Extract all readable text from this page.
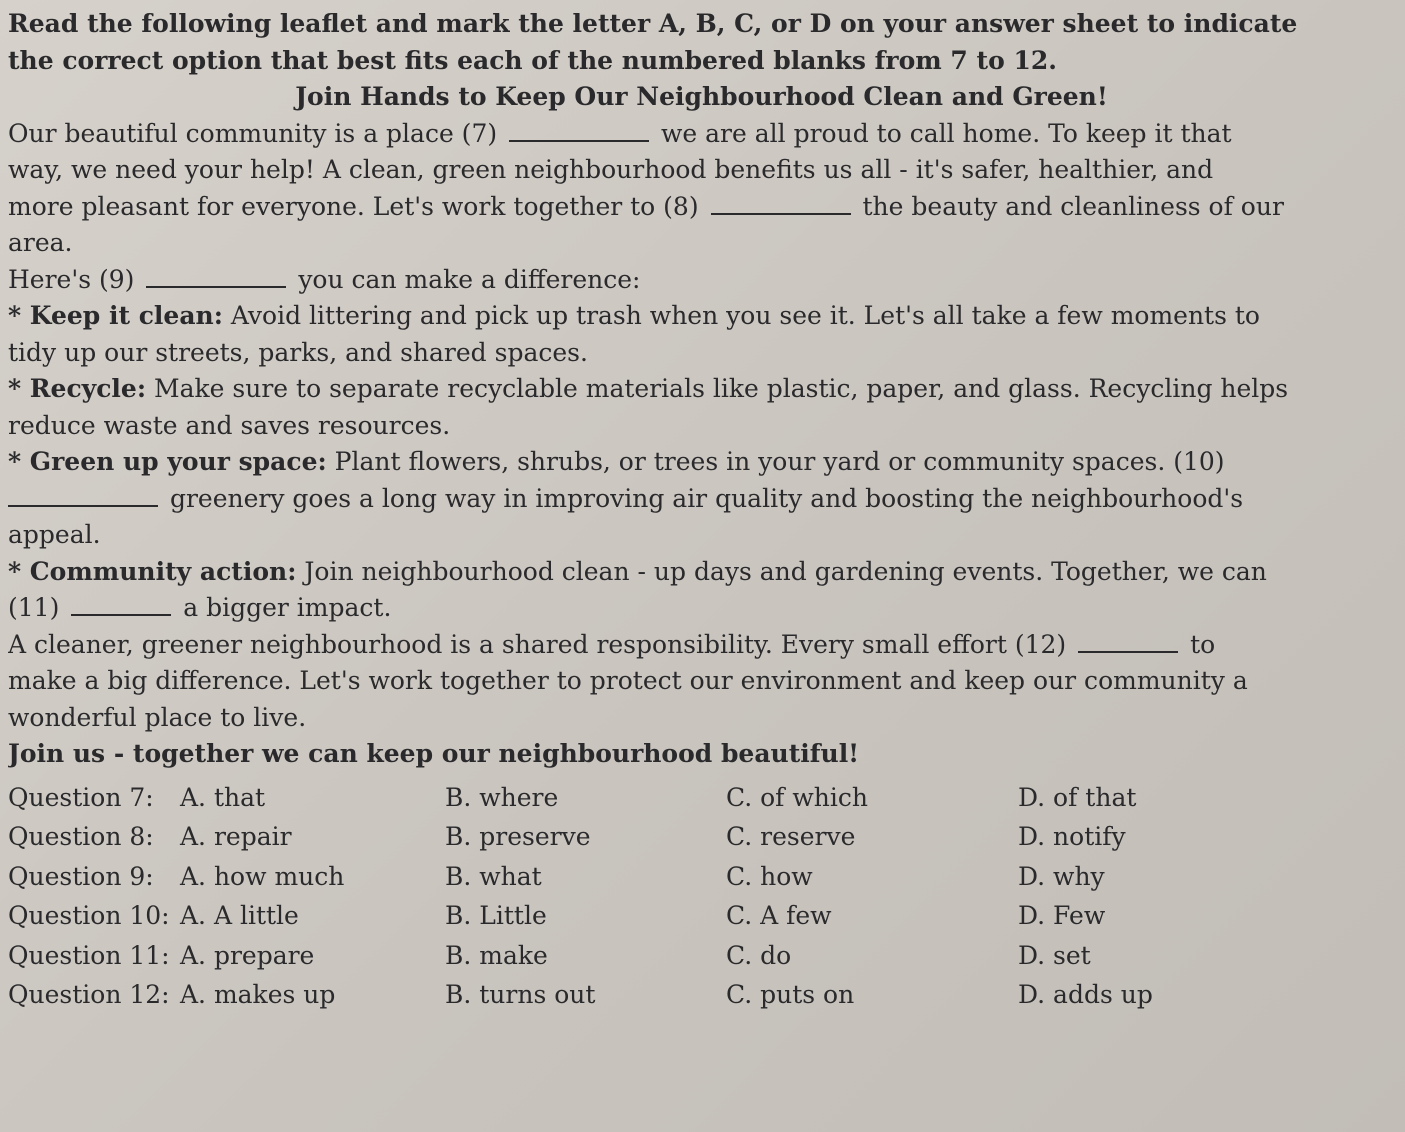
Read the following leaflet and mark the letter A, B, C, or D on your answer sheet to indicate
the correct option that best fits each of the numbered blanks from 7 to 12.
Join Hands to Keep Our Neighbourhood Clean and Green!
Our beautiful community is a place (7)	we are all proud to call home. To keep it that
way, we need your help! A clean, green neighbourhood benefits us all - it's safer, healthier, and
more pleasant for everyone. Let's work together to (8)	the beauty and cleanliness of our
area.
Here's (9)	you can make a difference:
* Keep it clean: Avoid littering and pick up trash when you see it. Let's all take a few moments to
tidy up our streets, parks, and shared spaces.
* Recycle: Make sure to separate recyclable materials like plastic, paper, and glass. Recycling helps
reduce waste and saves resources.
* Green up your space: Plant flowers, shrubs, or trees in your yard or community spaces. (10)
greenery goes a long way in improving air quality and boosting the neighbourhood's
appeal.
* Community action: Join neighbourhood clean - up days and gardening events. Together, we can
(11)	a bigger impact.
A cleaner, greener neighbourhood is a shared responsibility. Every small effort (12)	to
make a big difference. Let's work together to protect our environment and keep our community a
wonderful place to live.
Join us - together we can keep our neighbourhood beautiful!
Question 7: A. that	B. where	C. of which	D. of that
Question 8: A. repair	B. preserve	C. reserve	D. notify
Question 9: A. how much	B. what	C. how	D. why
Question 10: A. A little	B. Little	C. A few	D. Few
Question 11: A. prepare	B. make	C. do	D. set
Question 12: A. makes up	B. turns out	C. puts on	D. adds up
